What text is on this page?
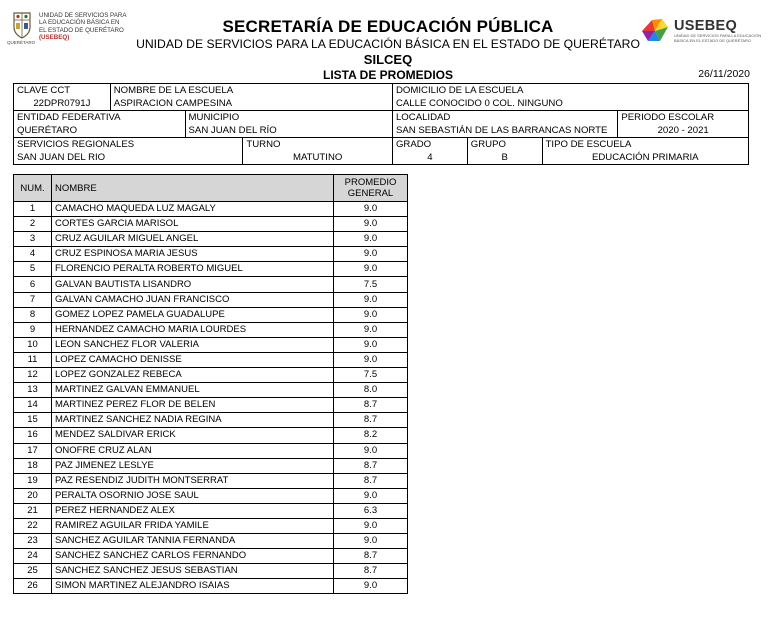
QUERÉTARO
UNIDAD DE SERVICIOS PARA
LA EDUCACIÓN BÁSICA EN
EL ESTADO DE QUERÉTARO
(USEBEQ)
SECRETARÍA DE EDUCACIÓN PÚBLICA
UNIDAD DE SERVICIOS PARA LA EDUCACIÓN BÁSICA EN EL ESTADO DE QUERÉTARO
SILCEQ
LISTA DE PROMEDIOS	26/11/2020
USEBEQ
UNIDAD DE SERVICIOS PARA LA EDUCACIÓN
BÁSICA EN EL ESTADO DE QUERÉTARO
CLAVE CCT
22DPR0791J
NOMBRE DE LA ESCUELA
ASPIRACION CAMPESINA
DOMICILIO DE LA ESCUELA
CALLE CONOCIDO 0 COL. NINGUNO
ENTIDAD FEDERATIVA
QUERÉTARO
MUNICIPIO
SAN JUAN DEL RÍO
LOCALIDAD
SAN SEBASTIÁN DE LAS BARRANCAS NORTE
PERIODO ESCOLAR
2020 - 2021
SERVICIOS REGIONALES
SAN JUAN DEL RIO
TURNO
MATUTINO
GRADO
4
GRUPO
B
TIPO DE ESCUELA
EDUCACIÓN PRIMARIA
NUM.	NOMBRE	PROMEDIO
GENERAL

1	CAMACHO MAQUEDA LUZ MAGALY	9.0
2	CORTES GARCIA MARISOL	9.0
3	CRUZ AGUILAR MIGUEL ANGEL	9.0
4	CRUZ ESPINOSA MARIA JESUS	9.0
5	FLORENCIO PERALTA ROBERTO MIGUEL	9.0
6	GALVAN BAUTISTA LISANDRO	7.5
7	GALVAN CAMACHO JUAN FRANCISCO	9.0
8	GOMEZ LOPEZ PAMELA GUADALUPE	9.0
9	HERNANDEZ CAMACHO MARIA LOURDES	9.0
10	LEON SANCHEZ FLOR VALERIA	9.0
11	LOPEZ CAMACHO DENISSE	9.0
12	LOPEZ GONZALEZ REBECA	7.5
13	MARTINEZ GALVAN EMMANUEL	8.0
14	MARTINEZ PEREZ FLOR DE BELEN	8.7
15	MARTINEZ SANCHEZ NADIA REGINA	8.7
16	MENDEZ SALDIVAR ERICK	8.2
17	ONOFRE CRUZ ALAN	9.0
18	PAZ JIMENEZ LESLYE	8.7
19	PAZ RESENDIZ JUDITH MONTSERRAT	8.7
20	PERALTA OSORNIO JOSE SAUL	9.0
21	PEREZ HERNANDEZ ALEX	6.3
22	RAMIREZ AGUILAR FRIDA YAMILE	9.0
23	SANCHEZ AGUILAR TANNIA FERNANDA	9.0
24	SANCHEZ SANCHEZ CARLOS FERNANDO	8.7
25	SANCHEZ SANCHEZ JESUS SEBASTIAN	8.7
26	SIMON MARTINEZ ALEJANDRO ISAIAS	9.0
